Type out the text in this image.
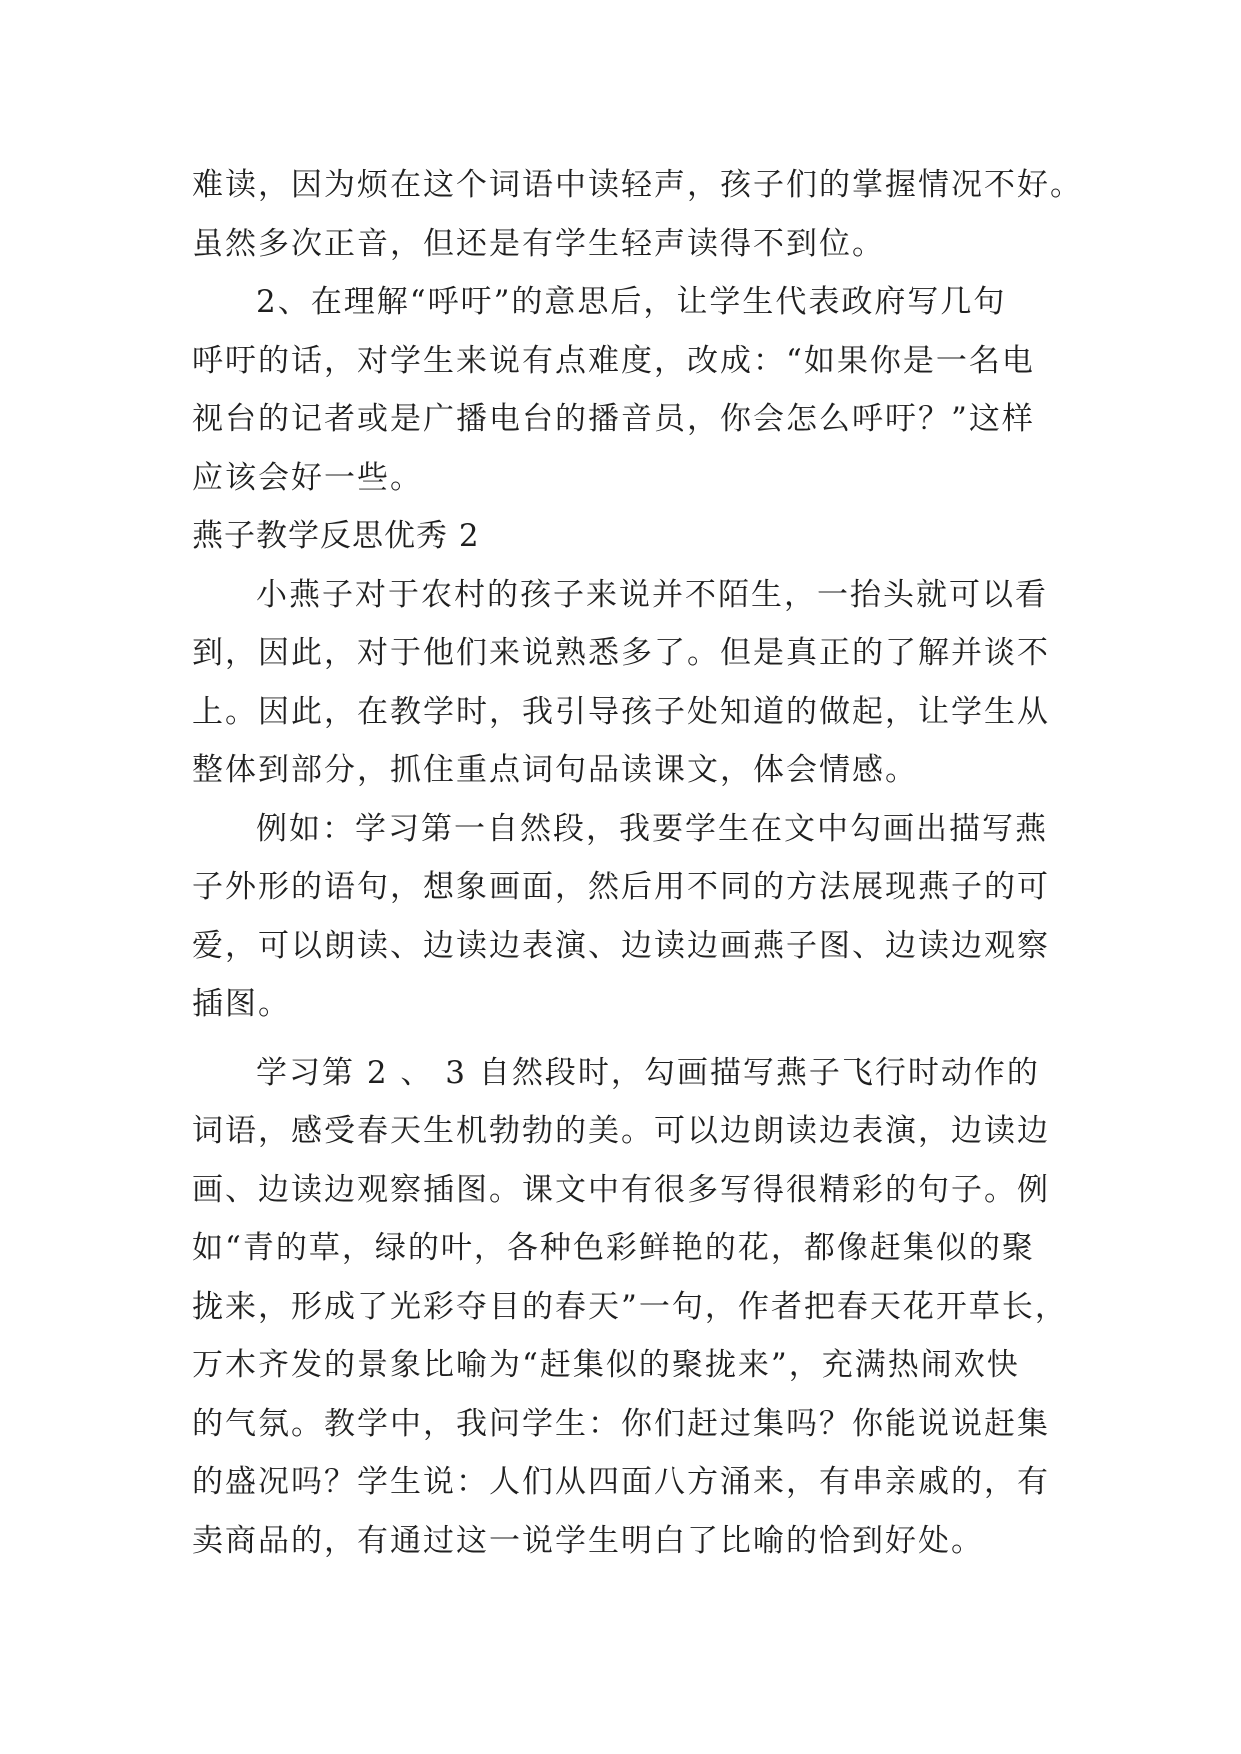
难读，因为烦在这个词语中读轻声，孩子们的掌握情况不好。
虽然多次正音，但还是有学生轻声读得不到位。
2、在理解“呼吁”的意思后，让学生代表政府写几句
呼吁的话，对学生来说有点难度，改成：“如果你是一名电
视台的记者或是广播电台的播音员，你会怎么呼吁？”这样
应该会好一些。
燕子教学反思优秀 2
小燕子对于农村的孩子来说并不陌生，一抬头就可以看
到，因此，对于他们来说熟悉多了。但是真正的了解并谈不
上。因此，在教学时，我引导孩子处知道的做起，让学生从
整体到部分，抓住重点词句品读课文，体会情感。
例如：学习第一自然段，我要学生在文中勾画出描写燕
子外形的语句，想象画面，然后用不同的方法展现燕子的可
爱，可以朗读、边读边表演、边读边画燕子图、边读边观察
插图。
学习第 2 、 3 自然段时，勾画描写燕子飞行时动作的
词语，感受春天生机勃勃的美。可以边朗读边表演，边读边
画、边读边观察插图。课文中有很多写得很精彩的句子。例
如“青的草，绿的叶，各种色彩鲜艳的花，都像赶集似的聚
拢来，形成了光彩夺目的春天”一句，作者把春天花开草长，
万木齐发的景象比喻为“赶集似的聚拢来”，充满热闹欢快
的气氛。教学中，我问学生：你们赶过集吗？你能说说赶集
的盛况吗？学生说：人们从四面八方涌来，有串亲戚的，有
卖商品的，有通过这一说学生明白了比喻的恰到好处。
